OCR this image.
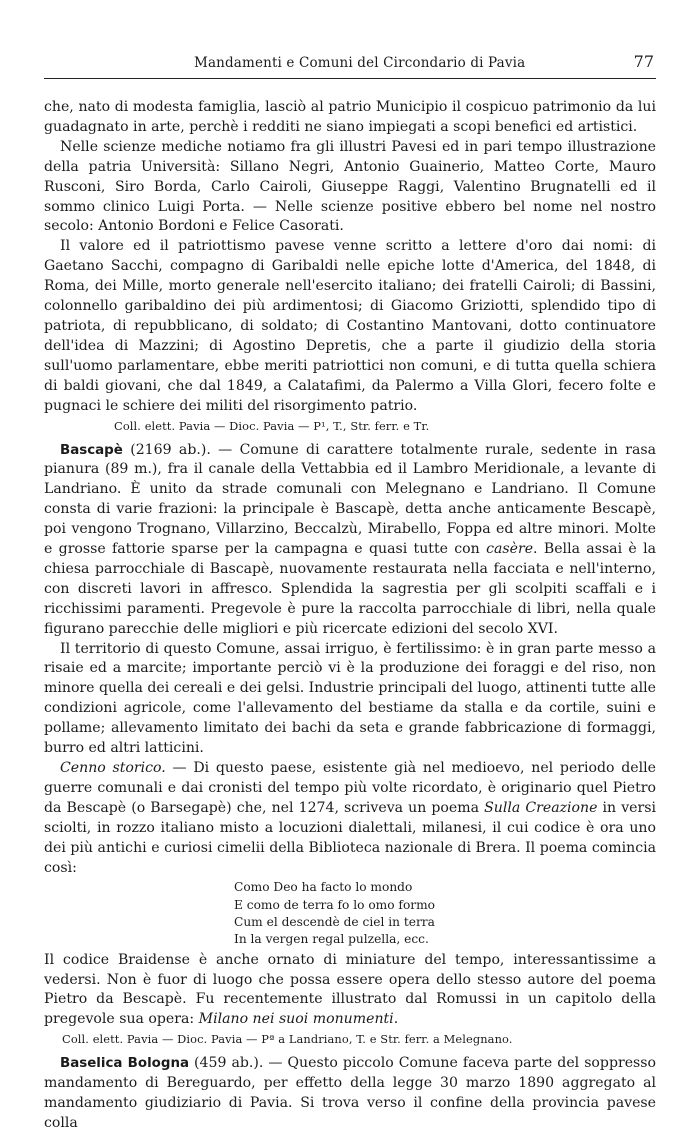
Mandamenti e Comuni del Circondario di Pavia	77

che, nato di modesta famiglia, lasciò al patrio Municipio il cospicuo patrimonio da lui guadagnato in arte, perchè i redditi ne siano impiegati a scopi benefici ed artistici.

Nelle scienze mediche notiamo fra gli illustri Pavesi ed in pari tempo illustrazione della patria Università: Sillano Negri, Antonio Guainerio, Matteo Corte, Mauro Rusconi, Siro Borda, Carlo Cairoli, Giuseppe Raggi, Valentino Brugnatelli ed il sommo clinico Luigi Porta. — Nelle scienze positive ebbero bel nome nel nostro secolo: Antonio Bordoni e Felice Casorati.

Il valore ed il patriottismo pavese venne scritto a lettere d'oro dai nomi: di Gaetano Sacchi, compagno di Garibaldi nelle epiche lotte d'America, del 1848, di Roma, dei Mille, morto generale nell'esercito italiano; dei fratelli Cairoli; di Bassini, colonnello garibaldino dei più ardimentosi; di Giacomo Griziotti, splendido tipo di patriota, di repubblicano, di soldato; di Costantino Mantovani, dotto continuatore dell'idea di Mazzini; di Agostino Depretis, che a parte il giudizio della storia sull'uomo parlamentare, ebbe meriti patriottici non comuni, e di tutta quella schiera di baldi giovani, che dal 1849, a Calatafimi, da Palermo a Villa Glori, fecero folte e pugnaci le schiere dei militi del risorgimento patrio.

Coll. elett. Pavia — Dioc. Pavia — P¹, T., Str. ferr. e Tr.

Bascapè (2169 ab.). — Comune di carattere totalmente rurale, sedente in rasa pianura (89 m.), fra il canale della Vettabbia ed il Lambro Meridionale, a levante di Landriano. È unito da strade comunali con Melegnano e Landriano. Il Comune consta di varie frazioni: la principale è Bascapè, detta anche anticamente Bescapè, poi vengono Trognano, Villarzino, Beccalzù, Mirabello, Foppa ed altre minori. Molte e grosse fattorie sparse per la campagna e quasi tutte con casère. Bella assai è la chiesa parrocchiale di Bascapè, nuovamente restaurata nella facciata e nell'interno, con discreti lavori in affresco. Splendida la sagrestia per gli scolpiti scaffali e i ricchissimi paramenti. Pregevole è pure la raccolta parrocchiale di libri, nella quale figurano parecchie delle migliori e più ricercate edizioni del secolo XVI.

Il territorio di questo Comune, assai irriguo, è fertilissimo: è in gran parte messo a risaie ed a marcite; importante perciò vi è la produzione dei foraggi e del riso, non minore quella dei cereali e dei gelsi. Industrie principali del luogo, attinenti tutte alle condizioni agricole, come l'allevamento del bestiame da stalla e da cortile, suini e pollame; allevamento limitato dei bachi da seta e grande fabbricazione di formaggi, burro ed altri latticini.

Cenno storico. — Di questo paese, esistente già nel medioevo, nel periodo delle guerre comunali e dai cronisti del tempo più volte ricordato, è originario quel Pietro da Bescapè (o Barsegapè) che, nel 1274, scriveva un poema Sulla Creazione in versi sciolti, in rozzo italiano misto a locuzioni dialettali, milanesi, il cui codice è ora uno dei più antichi e curiosi cimelii della Biblioteca nazionale di Brera. Il poema comincia così:

Como Deo ha facto lo mondo
E como de terra fo lo omo formo
Cum el descendè de ciel in terra
In la vergen regal pulzella, ecc.

Il codice Braidense è anche ornato di miniature del tempo, interessantissime a vedersi. Non è fuor di luogo che possa essere opera dello stesso autore del poema Pietro da Bescapè. Fu recentemente illustrato dal Romussi in un capitolo della pregevole sua opera: Milano nei suoi monumenti.

Coll. elett. Pavia — Dioc. Pavia — Pª a Landriano, T. e Str. ferr. a Melegnano.

Baselica Bologna (459 ab.). — Questo piccolo Comune faceva parte del soppresso mandamento di Bereguardo, per effetto della legge 30 marzo 1890 aggregato al mandamento giudiziario di Pavia. Si trova verso il confine della provincia pavese colla
